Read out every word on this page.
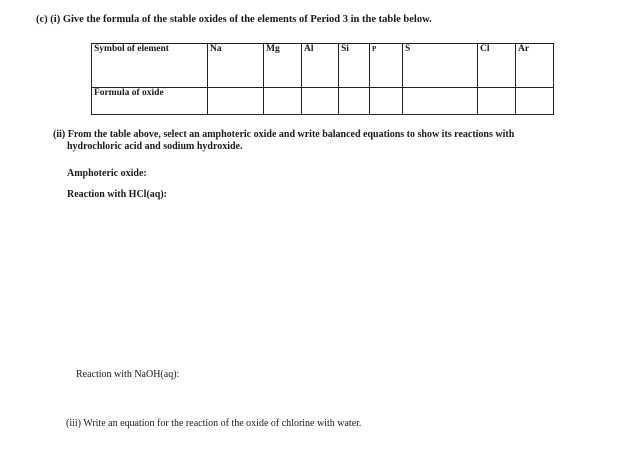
(c) (i) Give the formula of the stable oxides of the elements of Period 3 in the table below.
Symbol of element	Na	Mg	Al	Si	P	S	Cl	Ar
Formula of oxide								
(ii) From the table above, select an amphoteric oxide and write balanced equations to show its reactions with
hydrochloric acid and sodium hydroxide.
Amphoteric oxide:
Reaction with HCl(aq):
Reaction with NaOH(aq):
(iii) Write an equation for the reaction of the oxide of chlorine with water.
